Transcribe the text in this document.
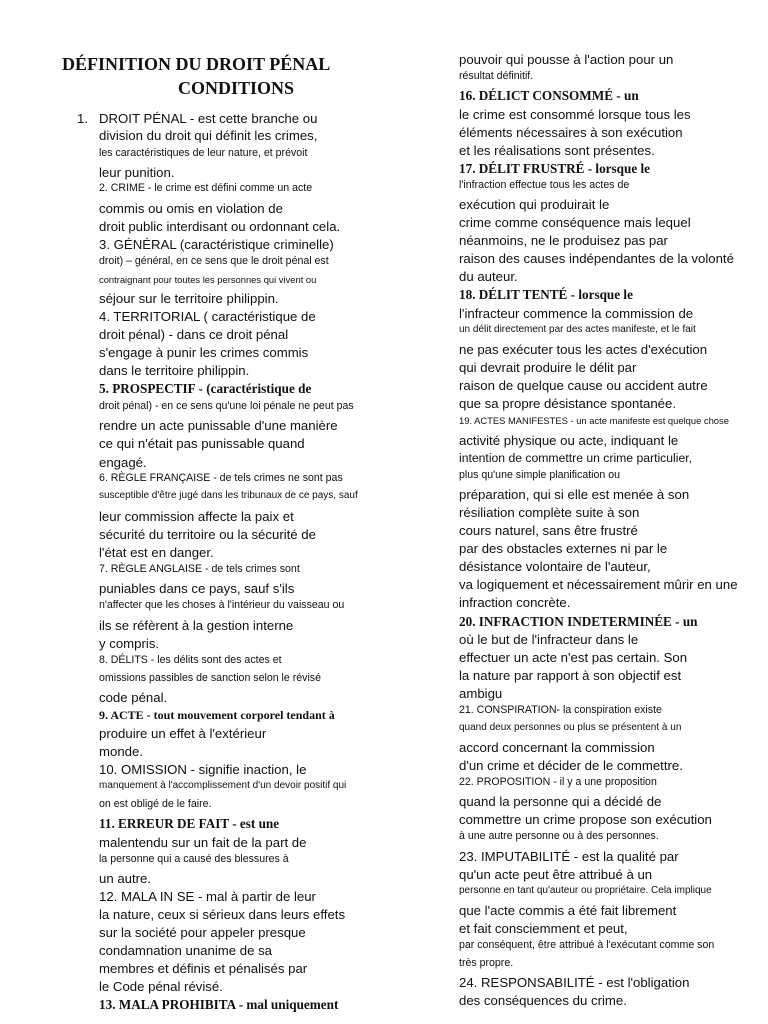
DÉFINITION DU DROIT PÉNAL
CONDITIONS
1. DROIT PÉNAL - est cette branche ou
division du droit qui définit les crimes,
les caractéristiques de leur nature, et prévoit
leur punition.
2. CRIME - le crime est défini comme un acte
commis ou omis en violation de
droit public interdisant ou ordonnant cela.
3. GÉNÉRAL (caractéristique criminelle)
droit) – général, en ce sens que le droit pénal est
contraignant pour toutes les personnes qui vivent ou
séjour sur le territoire philippin.
4. TERRITORIAL ( caractéristique de
droit pénal) - dans ce droit pénal
s'engage à punir les crimes commis
dans le territoire philippin.
5. PROSPECTIF - (caractéristique de
droit pénal) - en ce sens qu'une loi pénale ne peut pas
rendre un acte punissable d'une manière
ce qui n'était pas punissable quand
engagé.
6. RÈGLE FRANÇAISE - de tels crimes ne sont pas
susceptible d'être jugé dans les tribunaux de ce pays, sauf
leur commission affecte la paix et
sécurité du territoire ou la sécurité de
l'état est en danger.
7. RÈGLE ANGLAISE - de tels crimes sont
puniables dans ce pays, sauf s'ils
n'affecter que les choses à l'intérieur du vaisseau ou
ils se réfèrent à la gestion interne
y compris.
8. DÉLITS - les délits sont des actes et
omissions passibles de sanction selon le révisé
code pénal.
9. ACTE - tout mouvement corporel tendant à
produire un effet à l'extérieur
monde.
10. OMISSION - signifie inaction, le
manquement à l'accomplissement d'un devoir positif qui
on est obligé de le faire.
11. ERREUR DE FAIT - est une
malentendu sur un fait de la part de
la personne qui a causé des blessures à
un autre.
12. MALA IN SE - mal à partir de leur
la nature, ceux si sérieux dans leurs effets
sur la société pour appeler presque
condamnation unanime de sa
membres et définis et pénalisés par
le Code pénal révisé.
13. MALA PROHIBITA - mal uniquement
pouvoir qui pousse à l'action pour un
résultat définitif.
16. DÉLICT CONSOMMÉ - un
le crime est consommé lorsque tous les
éléments nécessaires à son exécution
et les réalisations sont présentes.
17. DÉLIT FRUSTRÉ - lorsque le
l'infraction effectue tous les actes de
exécution qui produirait le
crime comme conséquence mais lequel
néanmoins, ne le produisez pas par
raison des causes indépendantes de la volonté
du auteur.
18. DÉLIT TENTÉ - lorsque le
l'infracteur commence la commission de
un délit directement par des actes manifeste, et le fait
ne pas exécuter tous les actes d'exécution
qui devrait produire le délit par
raison de quelque cause ou accident autre
que sa propre désistance spontanée.
19. ACTES MANIFESTES - un acte manifeste est quelque chose
activité physique ou acte, indiquant le
intention de commettre un crime particulier,
plus qu'une simple planification ou
préparation, qui si elle est menée à son
résiliation complète suite à son
cours naturel, sans être frustré
par des obstacles externes ni par le
désistance volontaire de l'auteur,
va logiquement et nécessairement mûrir en une
infraction concrète.
20. INFRACTION INDETERMINÉE - un
où le but de l'infracteur dans le
effectuer un acte n'est pas certain. Son
la nature par rapport à son objectif est
ambigu
21. CONSPIRATION- la conspiration existe
quand deux personnes ou plus se présentent à un
accord concernant la commission
d'un crime et décider de le commettre.
22. PROPOSITION - il y a une proposition
quand la personne qui a décidé de
commettre un crime propose son exécution
à une autre personne ou à des personnes.
23. IMPUTABILITÉ - est la qualité par
qu'un acte peut être attribué à un
personne en tant qu'auteur ou propriétaire. Cela implique
que l'acte commis a été fait librement
et fait consciemment et peut,
par conséquent, être attribué à l'exécutant comme son
très propre.
24. RESPONSABILITÉ - est l'obligation
des conséquences du crime.
